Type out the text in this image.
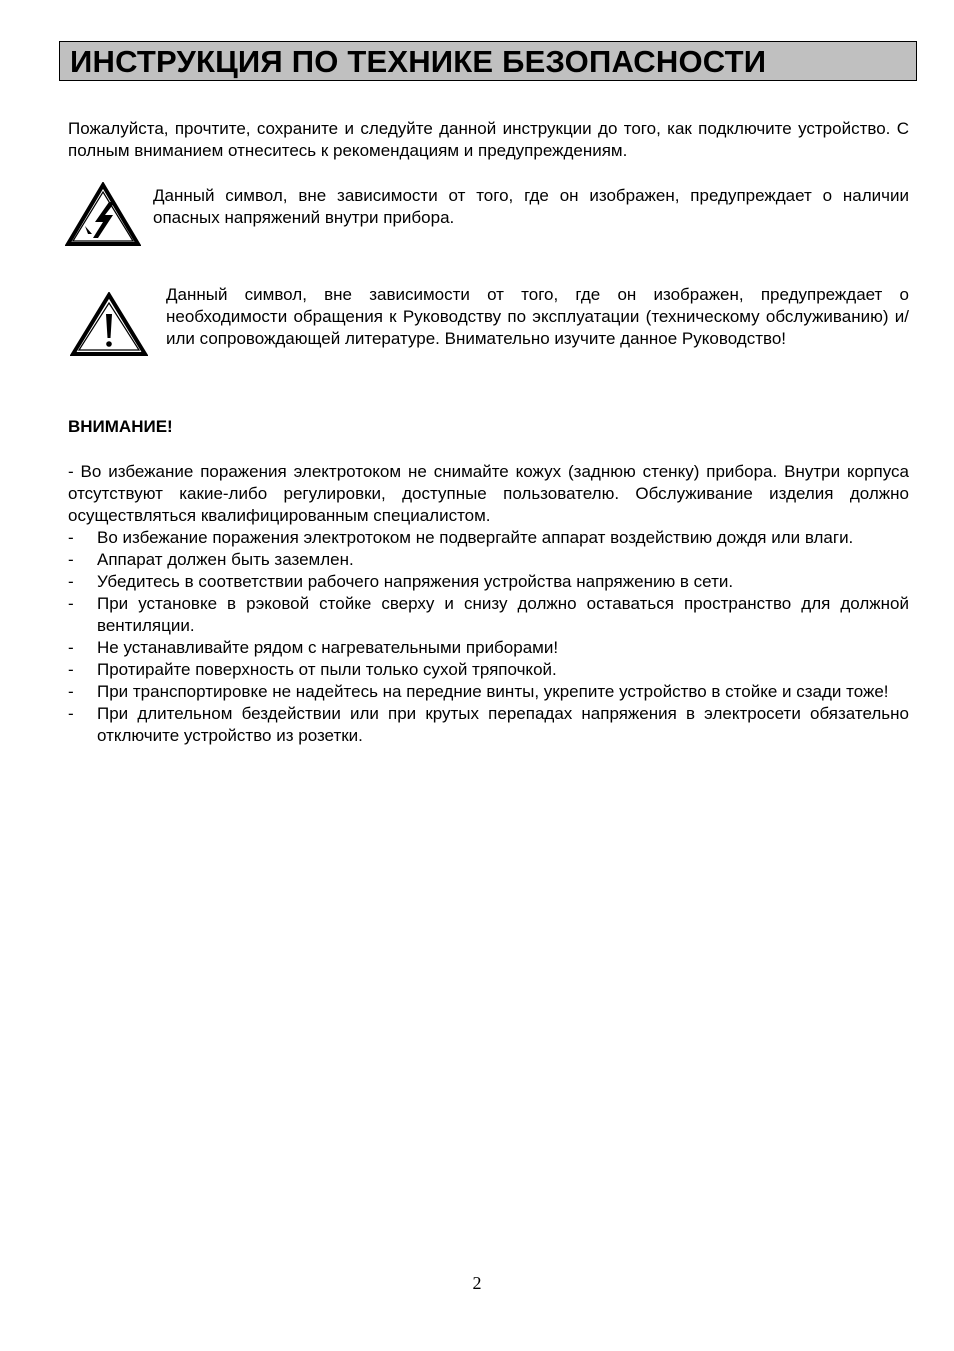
ИНСТРУКЦИЯ ПО ТЕХНИКЕ БЕЗОПАСНОСТИ
Пожалуйста, прочтите, сохраните и следуйте данной инструкции до того, как подключите устройство. С полным вниманием отнеситесь к рекомендациям и предупреждениям.
Данный символ, вне зависимости от того, где он изображен, предупреждает о наличии опасных напряжений внутри прибора.
Данный символ, вне зависимости от того, где он изображен, предупреждает о необходимости обращения к Руководству по эксплуатации (техническому обслуживанию) и/или сопровождающей литературе. Внимательно изучите данное Руководство!
ВНИМАНИЕ!
- Во избежание поражения электротоком не снимайте кожух (заднюю стенку) прибора. Внутри корпуса отсутствуют какие-либо регулировки, доступные пользователю. Обслуживание изделия должно осуществляться квалифицированным специалистом.
- Во избежание поражения электротоком не подвергайте аппарат воздействию дождя или влаги.
- Аппарат должен быть заземлен.
- Убедитесь в соответствии рабочего напряжения устройства напряжению в сети.
- При установке в рэковой стойке сверху и снизу должно оставаться пространство для должной вентиляции.
- Не устанавливайте рядом с нагревательными приборами!
- Протирайте поверхность от пыли только сухой тряпочкой.
- При транспортировке не надейтесь на передние винты, укрепите устройство в стойке и сзади тоже!
- При длительном бездействии или при крутых перепадах напряжения в электросети обязательно отключите устройство из розетки.
2
